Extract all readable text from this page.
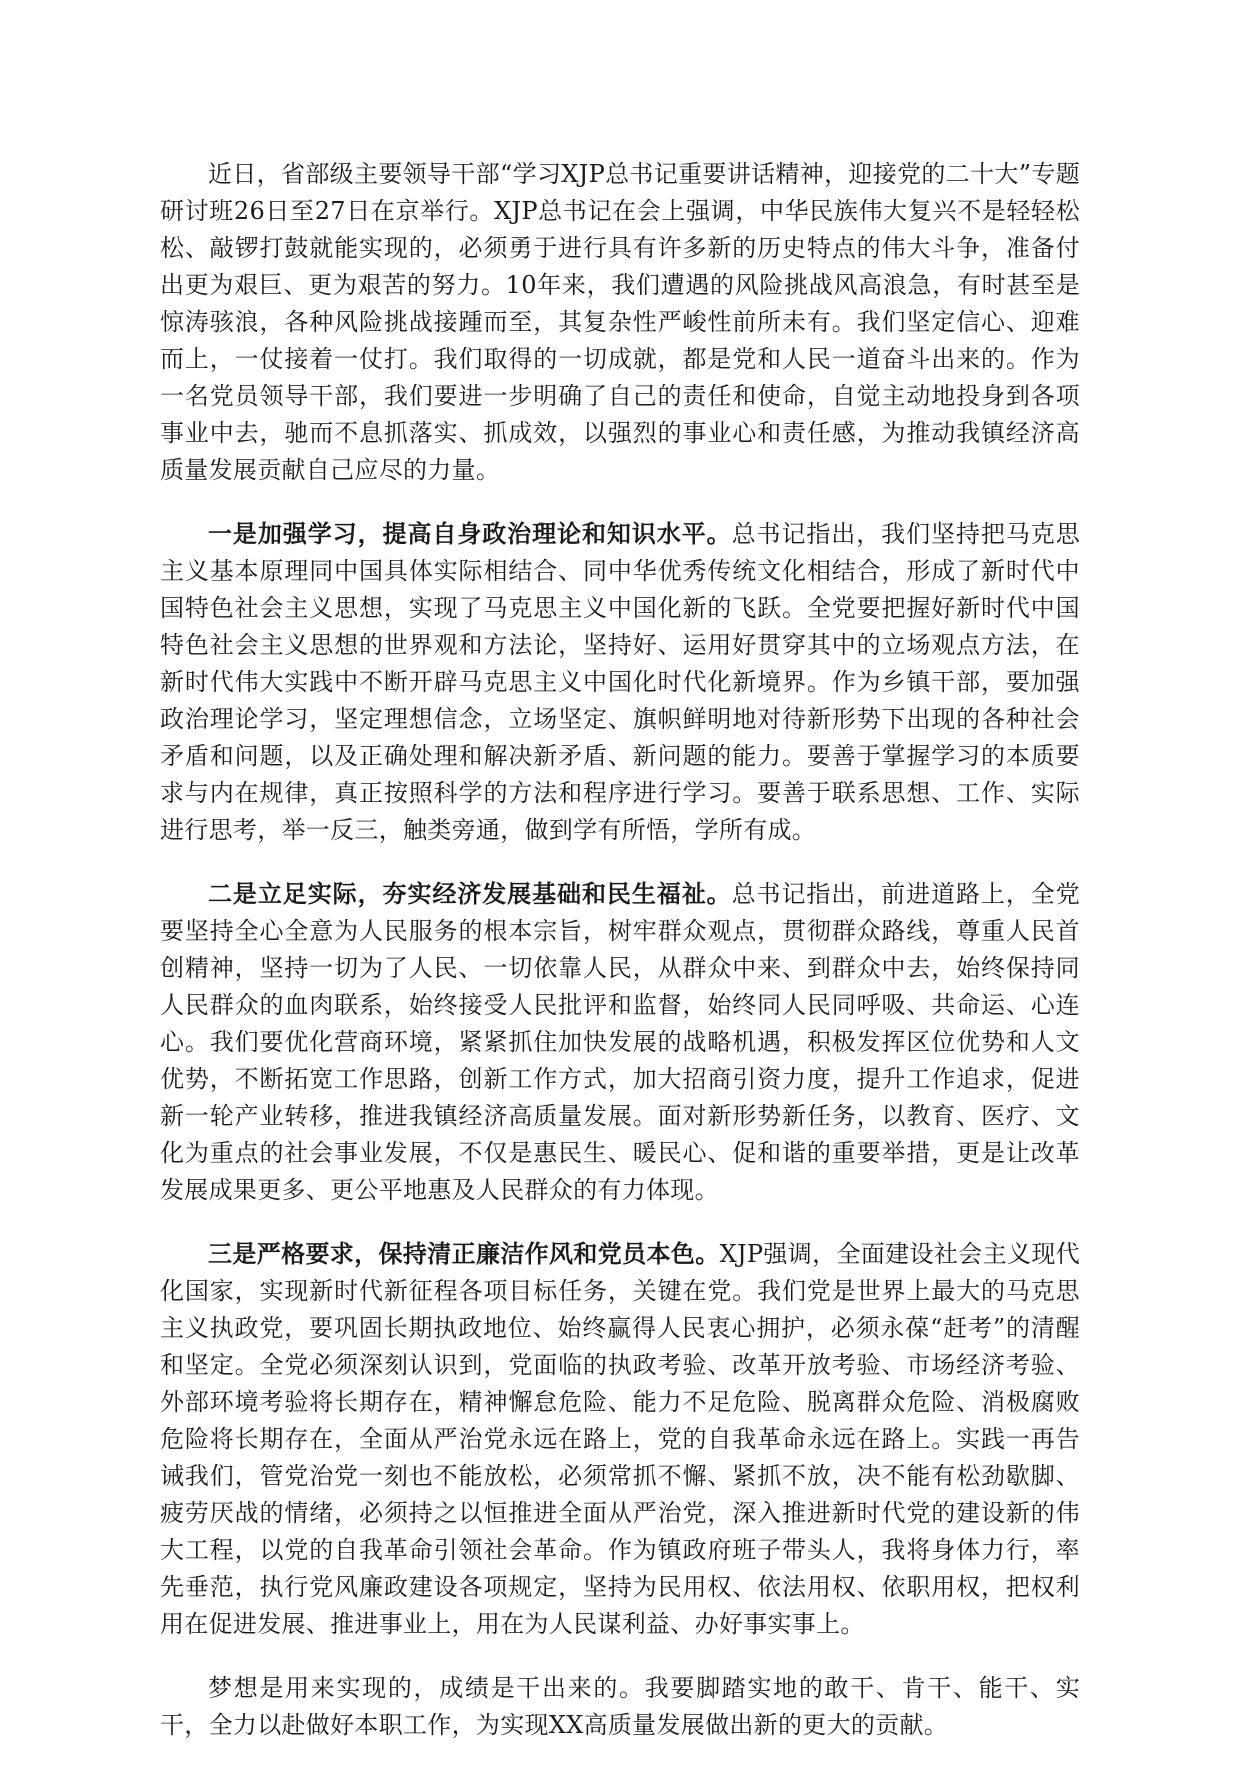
近日，省部级主要领导干部“学习XJP总书记重要讲话精神，迎接党的二十大”专题研讨班26日至27日在京举行。XJP总书记在会上强调，中华民族伟大复兴不是轻轻松松、敲锣打鼓就能实现的，必须勇于进行具有许多新的历史特点的伟大斗争，准备付出更为艰巨、更为艰苦的努力。10年来，我们遭遇的风险挑战风高浪急，有时甚至是惊涛骇浪，各种风险挑战接踵而至，其复杂性严峻性前所未有。我们坚定信心、迎难而上，一仗接着一仗打。我们取得的一切成就，都是党和人民一道奋斗出来的。作为一名党员领导干部，我们要进一步明确了自己的责任和使命，自觉主动地投身到各项事业中去，驰而不息抓落实、抓成效，以强烈的事业心和责任感，为推动我镇经济高质量发展贡献自己应尽的力量。

一是加强学习，提高自身政治理论和知识水平。总书记指出，我们坚持把马克思主义基本原理同中国具体实际相结合、同中华优秀传统文化相结合，形成了新时代中国特色社会主义思想，实现了马克思主义中国化新的飞跃。全党要把握好新时代中国特色社会主义思想的世界观和方法论，坚持好、运用好贯穿其中的立场观点方法，在新时代伟大实践中不断开辟马克思主义中国化时代化新境界。作为乡镇干部，要加强政治理论学习，坚定理想信念，立场坚定、旗帜鲜明地对待新形势下出现的各种社会矛盾和问题，以及正确处理和解决新矛盾、新问题的能力。要善于掌握学习的本质要求与内在规律，真正按照科学的方法和程序进行学习。要善于联系思想、工作、实际进行思考，举一反三，触类旁通，做到学有所悟，学所有成。

二是立足实际，夯实经济发展基础和民生福祉。总书记指出，前进道路上，全党要坚持全心全意为人民服务的根本宗旨，树牢群众观点，贯彻群众路线，尊重人民首创精神，坚持一切为了人民、一切依靠人民，从群众中来、到群众中去，始终保持同人民群众的血肉联系，始终接受人民批评和监督，始终同人民同呼吸、共命运、心连心。我们要优化营商环境，紧紧抓住加快发展的战略机遇，积极发挥区位优势和人文优势，不断拓宽工作思路，创新工作方式，加大招商引资力度，提升工作追求，促进新一轮产业转移，推进我镇经济高质量发展。面对新形势新任务，以教育、医疗、文化为重点的社会事业发展，不仅是惠民生、暖民心、促和谐的重要举措，更是让改革发展成果更多、更公平地惠及人民群众的有力体现。

三是严格要求，保持清正廉洁作风和党员本色。XJP强调，全面建设社会主义现代化国家，实现新时代新征程各项目标任务，关键在党。我们党是世界上最大的马克思主义执政党，要巩固长期执政地位、始终赢得人民衷心拥护，必须永葆“赶考”的清醒和坚定。全党必须深刻认识到，党面临的执政考验、改革开放考验、市场经济考验、外部环境考验将长期存在，精神懈怠危险、能力不足危险、脱离群众危险、消极腐败危险将长期存在，全面从严治党永远在路上，党的自我革命永远在路上。实践一再告诫我们，管党治党一刻也不能放松，必须常抓不懈、紧抓不放，决不能有松劲歇脚、疲劳厌战的情绪，必须持之以恒推进全面从严治党，深入推进新时代党的建设新的伟大工程，以党的自我革命引领社会革命。作为镇政府班子带头人，我将身体力行，率先垂范，执行党风廉政建设各项规定，坚持为民用权、依法用权、依职用权，把权利用在促进发展、推进事业上，用在为人民谋利益、办好事实事上。

梦想是用来实现的，成绩是干出来的。我要脚踏实地的敢干、肯干、能干、实干，全力以赴做好本职工作，为实现XX高质量发展做出新的更大的贡献。
